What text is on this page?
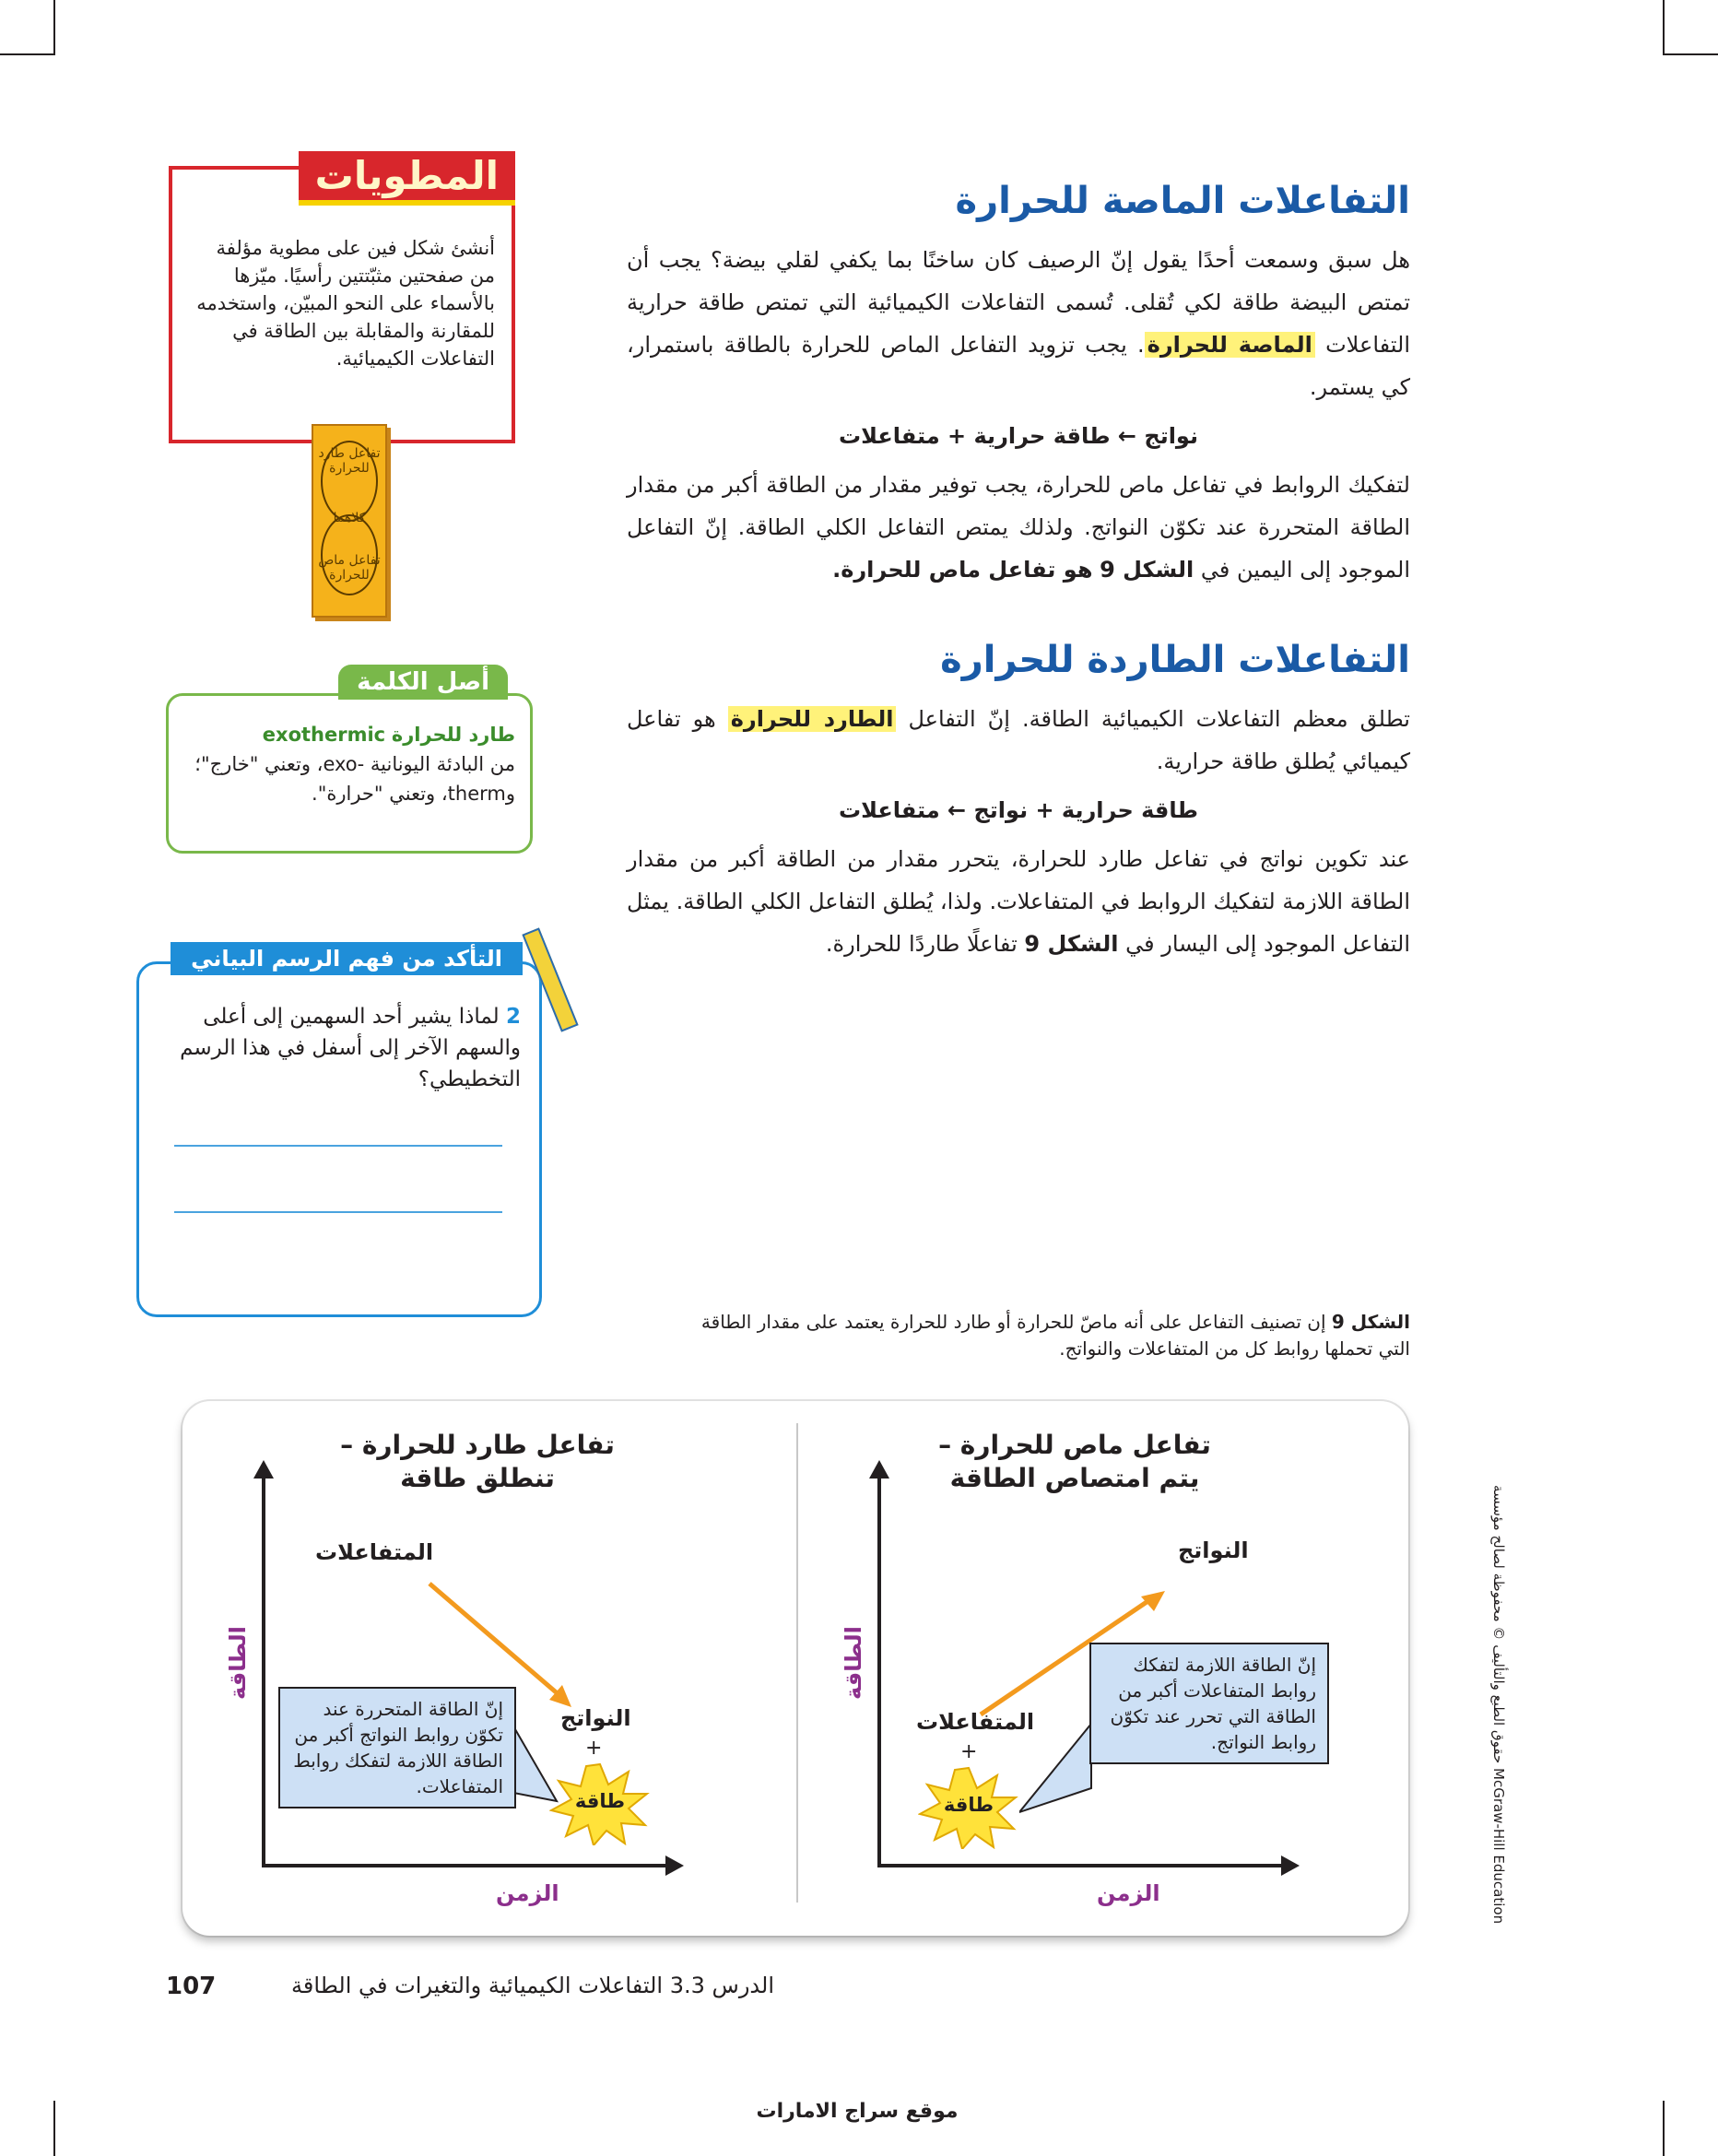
التفاعلات الماصة للحرارة

هل سبق وسمعت أحدًا يقول إنّ الرصيف كان ساخنًا بما يكفي لقلي بيضة؟ يجب أن تمتص البيضة طاقة لكي تُقلى. تُسمى التفاعلات الكيميائية التي تمتص طاقة حرارية التفاعلات الماصة للحرارة. يجب تزويد التفاعل الماص للحرارة بالطاقة باستمرار، كي يستمر.

نواتج ← طاقة حرارية + متفاعلات

لتفكيك الروابط في تفاعل ماص للحرارة، يجب توفير مقدار من الطاقة أكبر من مقدار الطاقة المتحررة عند تكوّن النواتج. ولذلك يمتص التفاعل الكلي الطاقة. إنّ التفاعل الموجود إلى اليمين في الشكل 9 هو تفاعل ماص للحرارة.

التفاعلات الطاردة للحرارة

تطلق معظم التفاعلات الكيميائية الطاقة. إنّ التفاعل الطارد للحرارة هو تفاعل كيميائي يُطلق طاقة حرارية.

طاقة حرارية + نواتج ← متفاعلات

عند تكوين نواتج في تفاعل طارد للحرارة، يتحرر مقدار من الطاقة أكبر من مقدار الطاقة اللازمة لتفكيك الروابط في المتفاعلات. ولذا، يُطلق التفاعل الكلي الطاقة. يمثل التفاعل الموجود إلى اليسار في الشكل 9 تفاعلًا طاردًا للحرارة.

المطويات
أنشئ شكل فين على مطوية مؤلفة من صفحتين مثبّتتين رأسيًا. ميّزها بالأسماء على النحو المبيّن، واستخدمه للمقارنة والمقابلة بين الطاقة في التفاعلات الكيميائية.
تفاعل طارد للحرارة
كلاهما
تفاعل ماص للحرارة
أصل الكلمة
طارد للحرارة exothermic
من البادئة اليونانية -exo، وتعني "خارج"؛ وtherm، وتعني "حرارة".
التأكد من فهم الرسم البياني
2 لماذا يشير أحد السهمين إلى أعلى والسهم الآخر إلى أسفل في هذا الرسم التخطيطي؟
الشكل 9 إن تصنيف التفاعل على أنه ماصّ للحرارة أو طارد للحرارة يعتمد على مقدار الطاقة التي تحملها روابط كل من المتفاعلات والنواتج.
تفاعل طارد للحرارة – تنطلق طاقة
الطاقة
الزمن
المتفاعلات
النواتج
+
طاقة
إنّ الطاقة المتحررة عند تكوّن روابط النواتج أكبر من الطاقة اللازمة لتفكك روابط المتفاعلات.
تفاعل ماص للحرارة – يتم امتصاص الطاقة
الطاقة
الزمن
النواتج
المتفاعلات
+
طاقة
إنّ الطاقة اللازمة لتفكك روابط المتفاعلات أكبر من الطاقة التي تحرر عند تكوّن روابط النواتج.	حقوق الطبع والتأليف © محفوظة لصالح مؤسسة McGraw-Hill Education
107	الدرس 3.3 التفاعلات الكيميائية والتغيرات في الطاقة
موقع سراج الامارات
